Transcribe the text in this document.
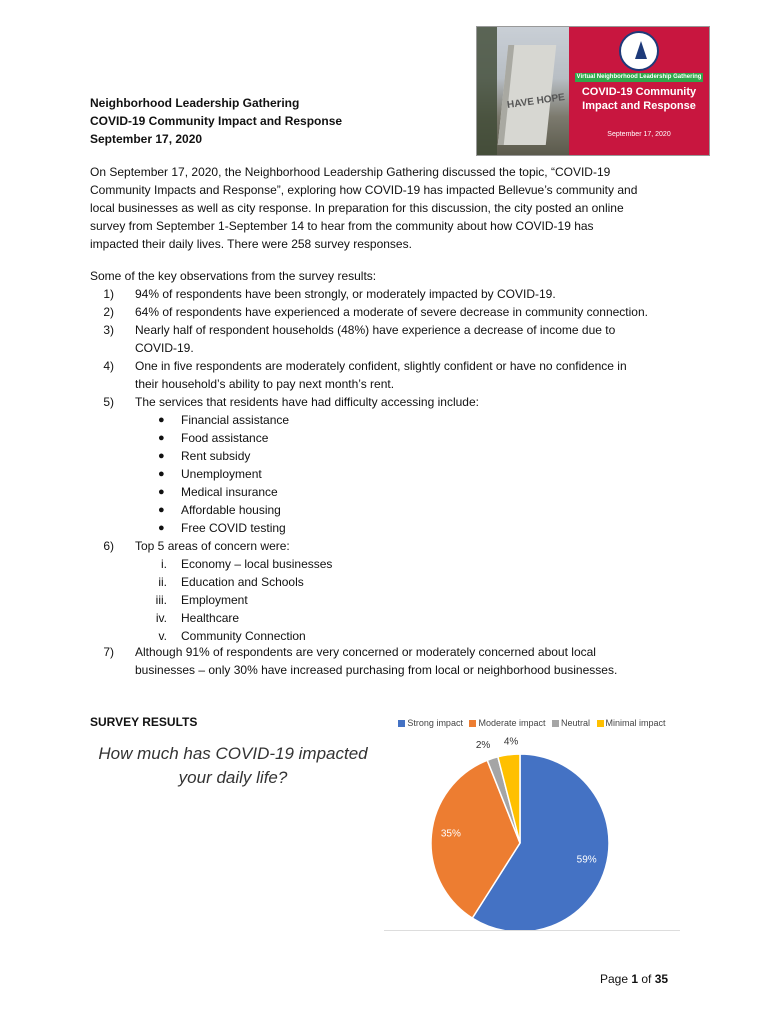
HAVE HOPE
Virtual Neighborhood Leadership Gathering
COVID-19 Community
Impact and Response
September 17, 2020
Neighborhood Leadership Gathering
COVID-19 Community Impact and Response
September 17, 2020
On September 17, 2020, the Neighborhood Leadership Gathering discussed the topic, “COVID-19
Community Impacts and Response”, exploring how COVID-19 has impacted Bellevue’s community and
local businesses as well as city response. In preparation for this discussion, the city posted an online
survey from September 1-September 14 to hear from the community about how COVID-19 has
impacted their daily lives. There were 258 survey responses.
Some of the key observations from the survey results:
1) 94% of respondents have been strongly, or moderately impacted by COVID-19.
2) 64% of respondents have experienced a moderate of severe decrease in community connection.
3) Nearly half of respondent households (48%) have experience a decrease of income due to
COVID-19.
4) One in five respondents are moderately confident, slightly confident or have no confidence in
their household’s ability to pay next month’s rent.
5) The services that residents have had difficulty accessing include:
● Financial assistance
● Food assistance
● Rent subsidy
● Unemployment
● Medical insurance
● Affordable housing
● Free COVID testing
6) Top 5 areas of concern were:
i. Economy – local businesses
ii. Education and Schools
iii. Employment
iv. Healthcare
v. Community Connection
7) Although 91% of respondents are very concerned or moderately concerned about local
businesses – only 30% have increased purchasing from local or neighborhood businesses.
SURVEY RESULTS
How much has COVID-19 impacted
your daily life?
Strong impact Moderate impact Neutral Minimal impact
59%
35%
2% 4%
Page 1 of 35
